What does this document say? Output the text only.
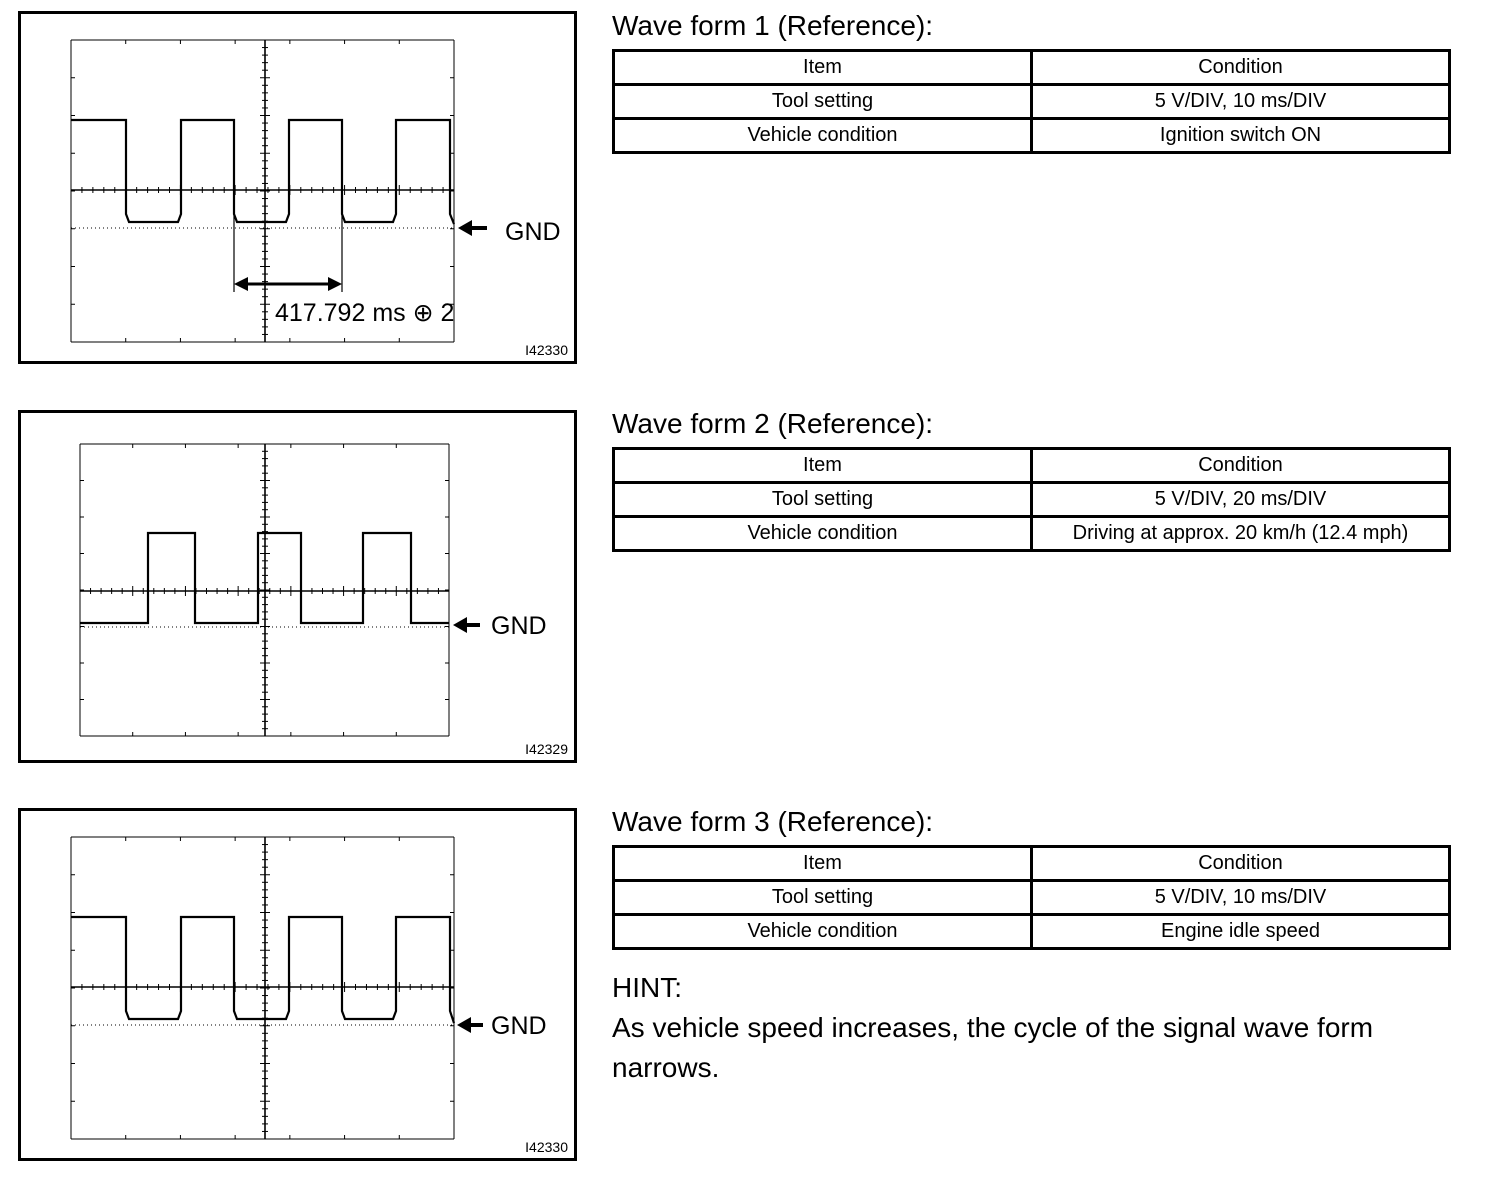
417.792 ms ⊕ 2
GND
I42330
GND
I42329
GND
I42330
Wave form 1 (Reference):
Item	Condition
Tool setting	5 V/DIV, 10 ms/DIV
Vehicle condition	Ignition switch ON
Wave form 2 (Reference):
Item	Condition
Tool setting	5 V/DIV, 20 ms/DIV
Vehicle condition	Driving at approx. 20 km/h (12.4 mph)
Wave form 3 (Reference):
Item	Condition
Tool setting	5 V/DIV, 10 ms/DIV
Vehicle condition	Engine idle speed

HINT:

As vehicle speed increases, the cycle of the signal wave form narrows.
